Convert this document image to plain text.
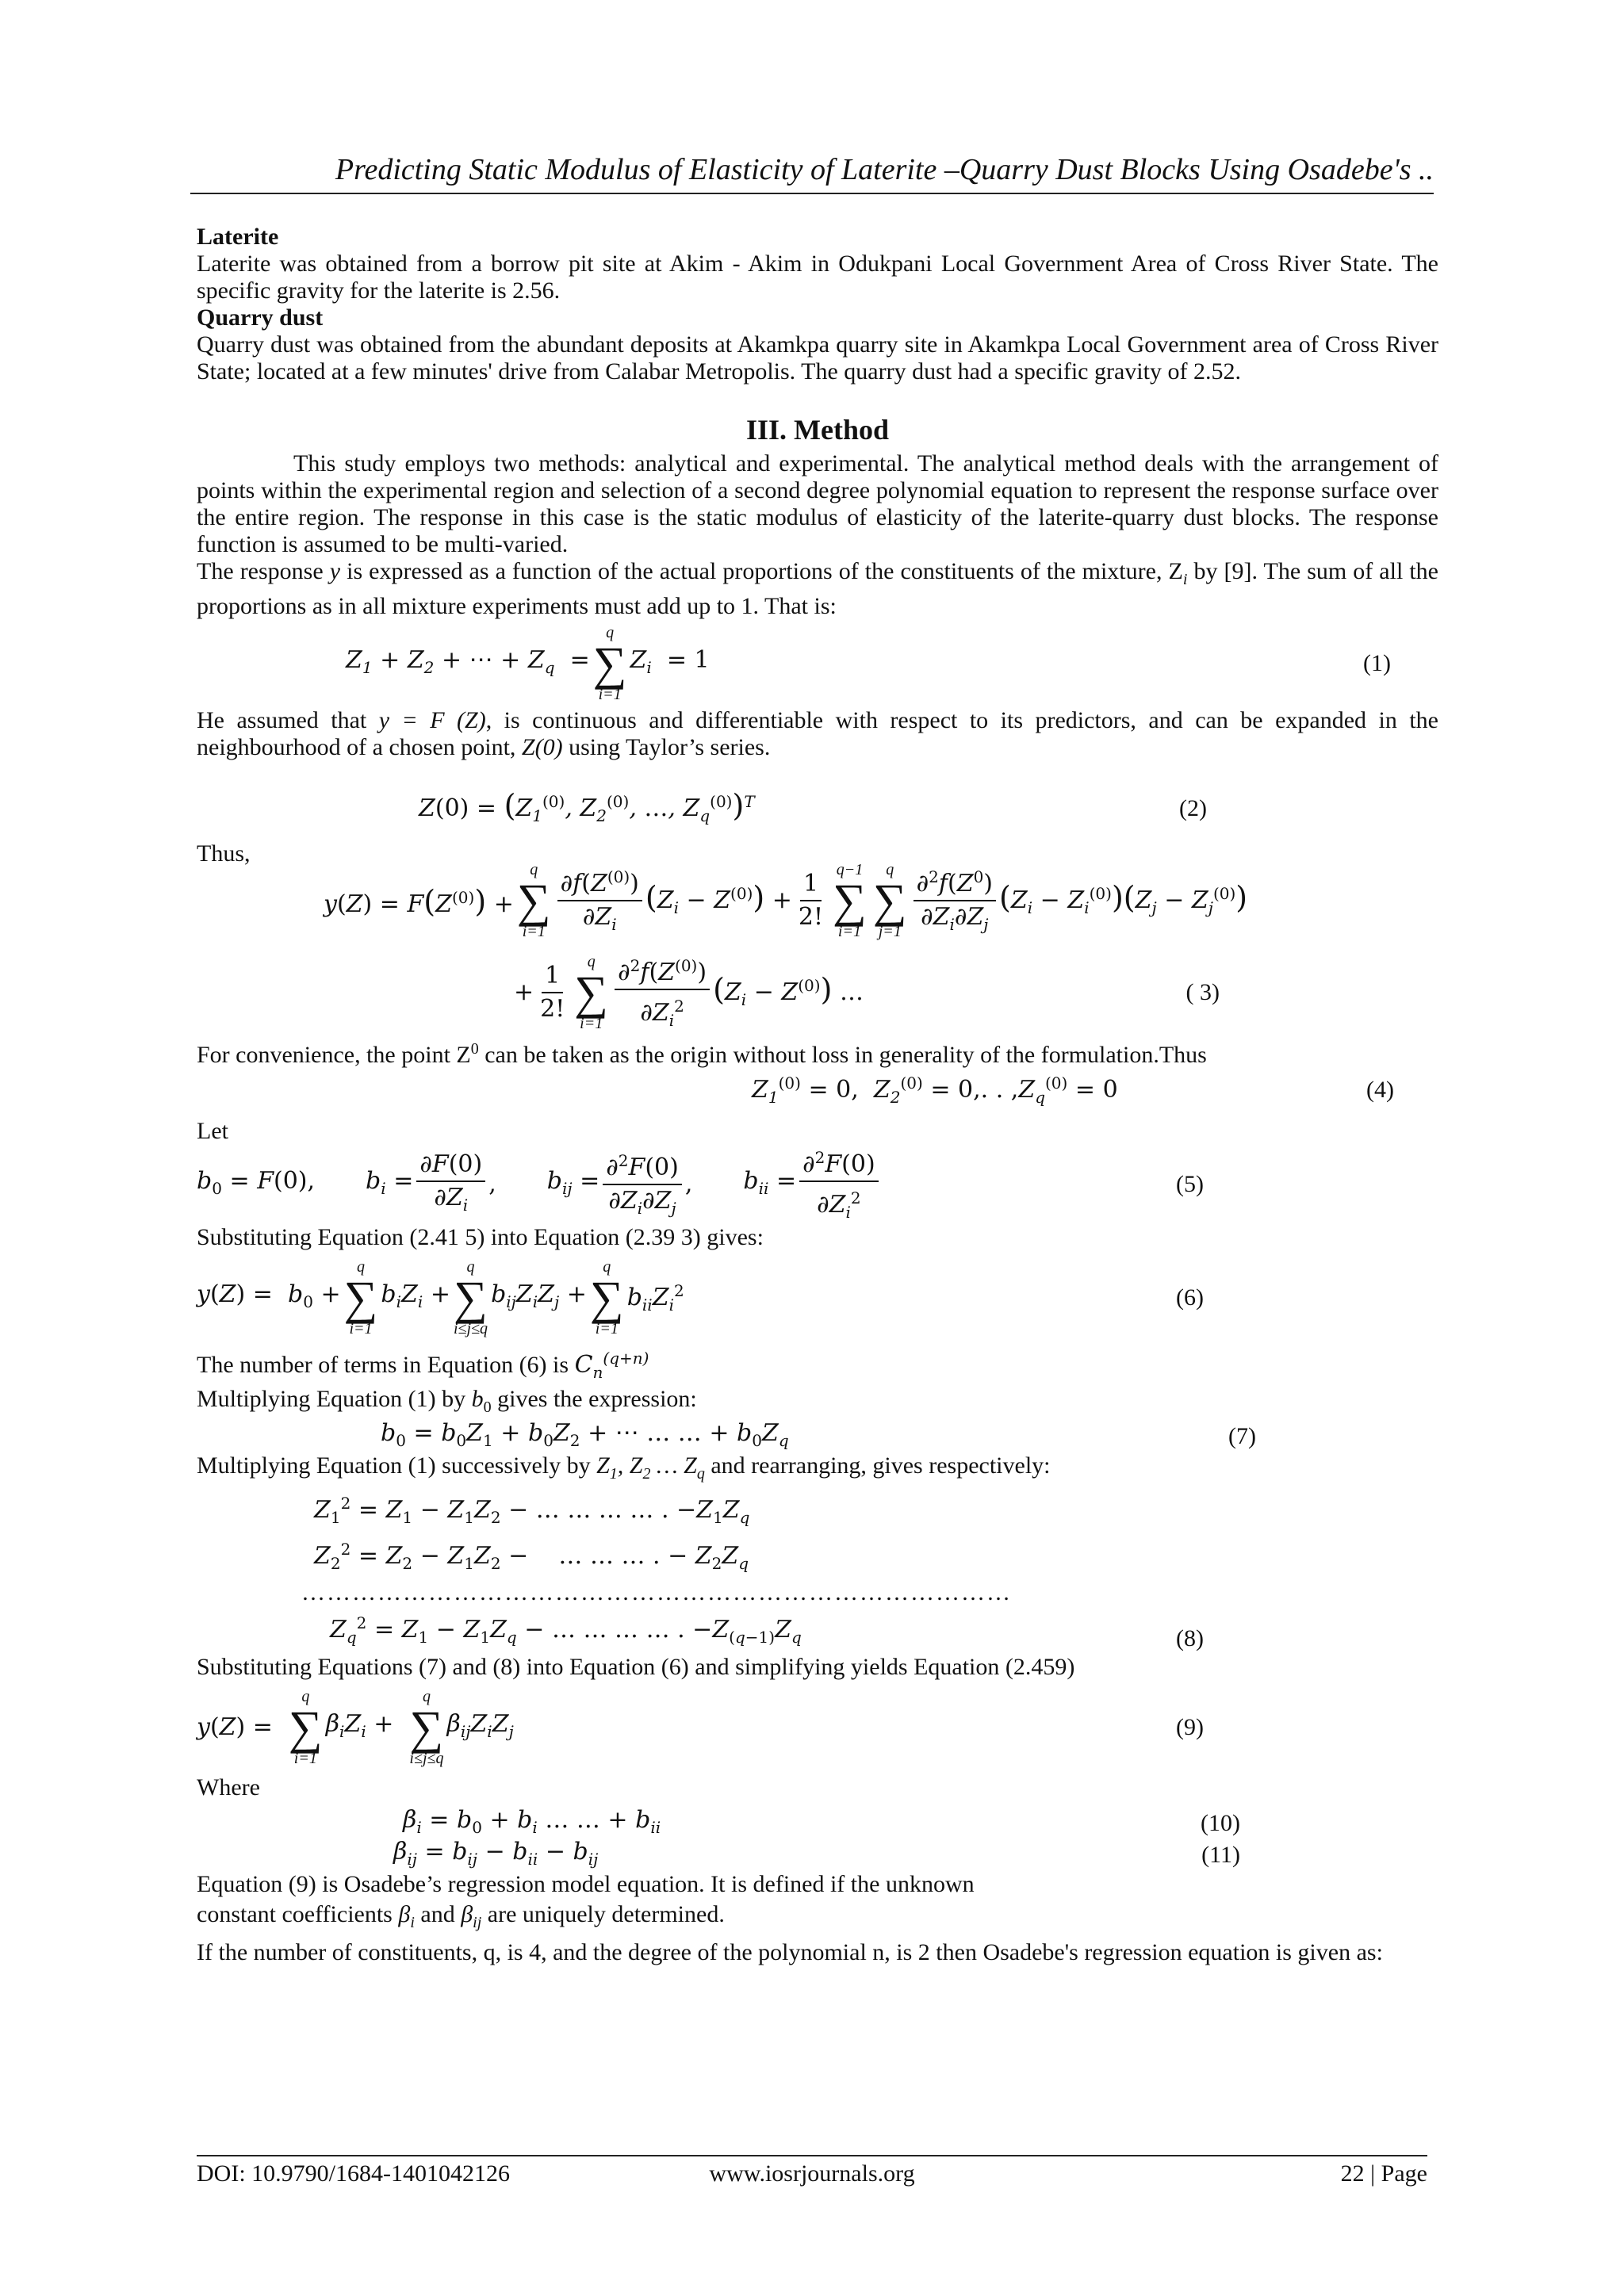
Predicting Static Modulus of Elasticity of Laterite –Quarry Dust Blocks Using Osadebe's ..

Laterite

Laterite was obtained from a borrow pit site at Akim - Akim in Odukpani Local Government Area of Cross River State. The specific gravity for the laterite is 2.56.

Quarry dust

Quarry dust was obtained from the abundant deposits at Akamkpa quarry site in Akamkpa Local Government area of Cross River State; located at a few minutes' drive from Calabar Metropolis. The quarry dust had a specific gravity of 2.52.

III. Method

This study employs two methods: analytical and experimental. The analytical method deals with the arrangement of points within the experimental region and selection of a second degree polynomial equation to represent the response surface over the entire region. The response in this case is the static modulus of elasticity of the laterite-quarry dust blocks. The response function is assumed to be multi-varied.

The response y is expressed as a function of the actual proportions of the constituents of the mixture, $Z_i$ by [9]. The sum of all the proportions as in all mixture experiments must add up to 1. That is:

$Z_1 + Z_2$ + ⋯ + $Z_q$  =
q
∑
i=1
$Z_i = 1$	(1)

He assumed that y = F (Z), is continuous and differentiable with respect to its predictors, and can be expanded in the neighbourhood of a chosen point, Z(0) using Taylor’s series.

$Z(0) = (Z_1^{(0)}$, $Z_2^{(0)}$, …, $Z_q^{(0)})^T$	(2)

Thus,

$y(Z) = F(Z^{(0)})$ +
q
∑
$i=1 \frac{\partial f(Z^{(0)})}{\partial Z_i} (Z_i - Z^{(0)}) + \frac{1}{2!} q-1$
∑
i=1
q
∑
$j=1 \frac{\partial^2f(Z^0)}{\partial Z_i\partial Z_j} (Z_i - Z_i^{(0)})(Z_j - Z_j^{(0)})$
+ $\frac{1}{2!}$ q
∑
$i=1 \frac{\partial^2f(Z^{(0)})}{\partial Z_i^2} (Z_i - Z^{(0)})$ …	( 3)

For convenience, the point $Z^0$ can be taken as the origin without loss in generality of the formulation.Thus

$Z_1^{(0)} = 0$,  $Z_2^{(0)} = 0$,. . $,Z_q^{(0)} = 0$	(4)

Let

$b_0 = F(0)$, $b_i = \frac{\partial F(0)}{\partial Z_i}$ , $b_{ij} = \frac{\partial^2F(0)}{\partial Z_i\partial Z_j}$ , $b_{ii} = \frac{\partial^2F(0)}{\partial Z_i^2}$	(5)

Substituting Equation (2.41 5) into Equation (2.39 3) gives:

$y(Z) = b_0$ +
q
∑
i=1
$b_iZ_i$ +
q
∑
i≤j≤q
$b_{ij}Z_iZ_j$ +
q
∑
i=1
$b_{ii}Z_i^2$	(6)

The number of terms in Equation (6) is $C_n^{(q+n)}$

Multiplying Equation (1) by $b_0$ gives the expression:

$b_0 = b_0Z_1 + b_0Z_2$ + ⋯ … … + $b_0Z_q$	(7)

Multiplying Equation (1) successively by $Z_1$, $Z_2$ … $Z_q$ and rearranging, gives respectively:

$Z_1^2 = Z_1 - Z_1Z_2$ − … … … … . $-Z_1Z_q$
$Z_2^2 = Z_2 - Z_1Z_2$ −    … … … . − $Z_2Z_q$
…………………………………………………………………………
$Z_q^2 = Z_1 - Z_1Z_q$ − … … … … . $-Z_{(q-1)}Z_q$	(8)

Substituting Equations (7) and (8) into Equation (6) and simplifying yields Equation (2.459)

y(Z) =
q
∑
i=1
$\beta_iZ_i$ +
q
∑
i≤j≤q
$\beta_{ij}Z_iZ_j$	(9)

Where

$\beta_i = b_0 + b_i$ … … + $b_{ii}$	(10)
$\beta_{ij} = b_{ij} - b_{ii} - b_{ij}$	(11)

Equation (9) is Osadebe’s regression model equation. It is defined if the unknown

constant coefficients $\beta_i$ and $\beta_{ij}$ are uniquely determined.

If the number of constituents, q, is 4, and the degree of the polynomial n, is 2 then Osadebe's regression equation is given as:

DOI: 10.9790/1684-1401042126	www.iosrjournals.org	22 | Page
